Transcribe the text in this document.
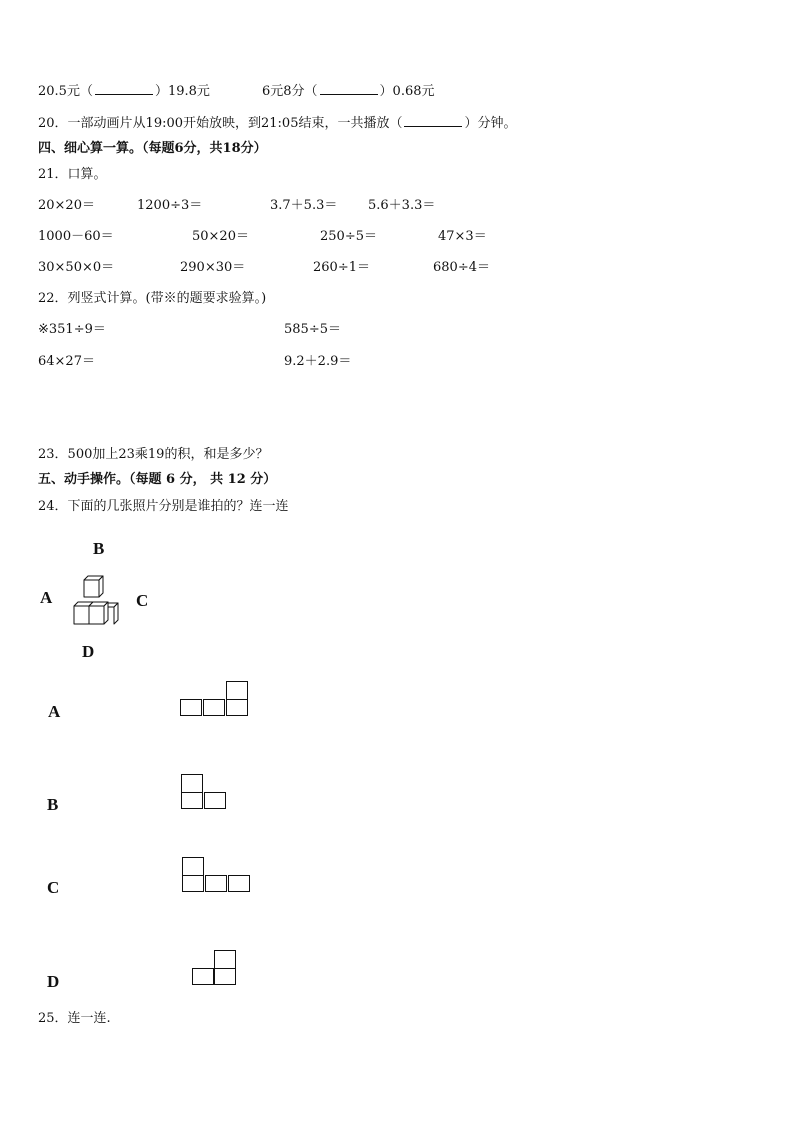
20.5元（	）19.8元	6元8分（	）0.68元
20．一部动画片从19:00开始放映，到21:05结束，一共播放（	）分钟。
四、细心算一算。（每题6分，共18分）
21．口算。
20×20＝	1200÷3＝	3.7＋5.3＝ 5.6＋3.3＝
1000－60＝	50×20＝	250÷5＝	47×3＝
30×50×0＝	290×30＝	260÷1＝	680÷4＝
22．列竖式计算。(带※的题要求验算。)
※351÷9＝	585÷5＝
64×27＝	9.2＋2.9＝
23．500加上23乘19的积，和是多少？
五、动手操作。（每题 6 分， 共 12 分）
24．下面的几张照片分别是谁拍的？连一连
B
A	C
D
A
B
C
D
25．连一连.
